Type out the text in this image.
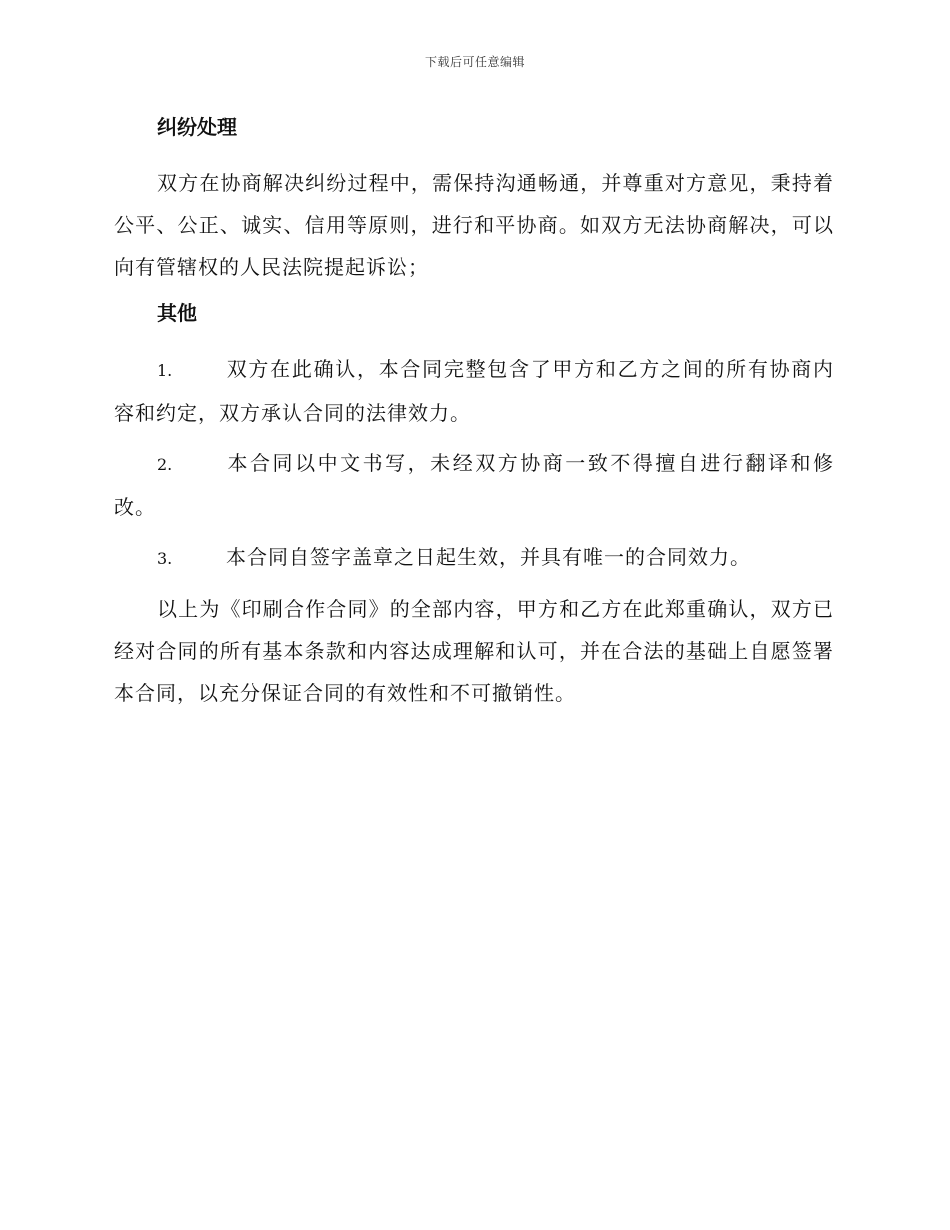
下载后可任意编辑
纠纷处理

双方在协商解决纠纷过程中，需保持沟通畅通，并尊重对方意见，秉持着公平、公正、诚实、信用等原则，进行和平协商。如双方无法协商解决，可以向有管辖权的人民法院提起诉讼；

其他

1.	双方在此确认，本合同完整包含了甲方和乙方之间的所有协商内容和约定，双方承认合同的法律效力。

2.	本合同以中文书写，未经双方协商一致不得擅自进行翻译和修改。

3.	本合同自签字盖章之日起生效，并具有唯一的合同效力。

以上为《印刷合作合同》的全部内容，甲方和乙方在此郑重确认，双方已经对合同的所有基本条款和内容达成理解和认可，并在合法的基础上自愿签署本合同，以充分保证合同的有效性和不可撤销性。
